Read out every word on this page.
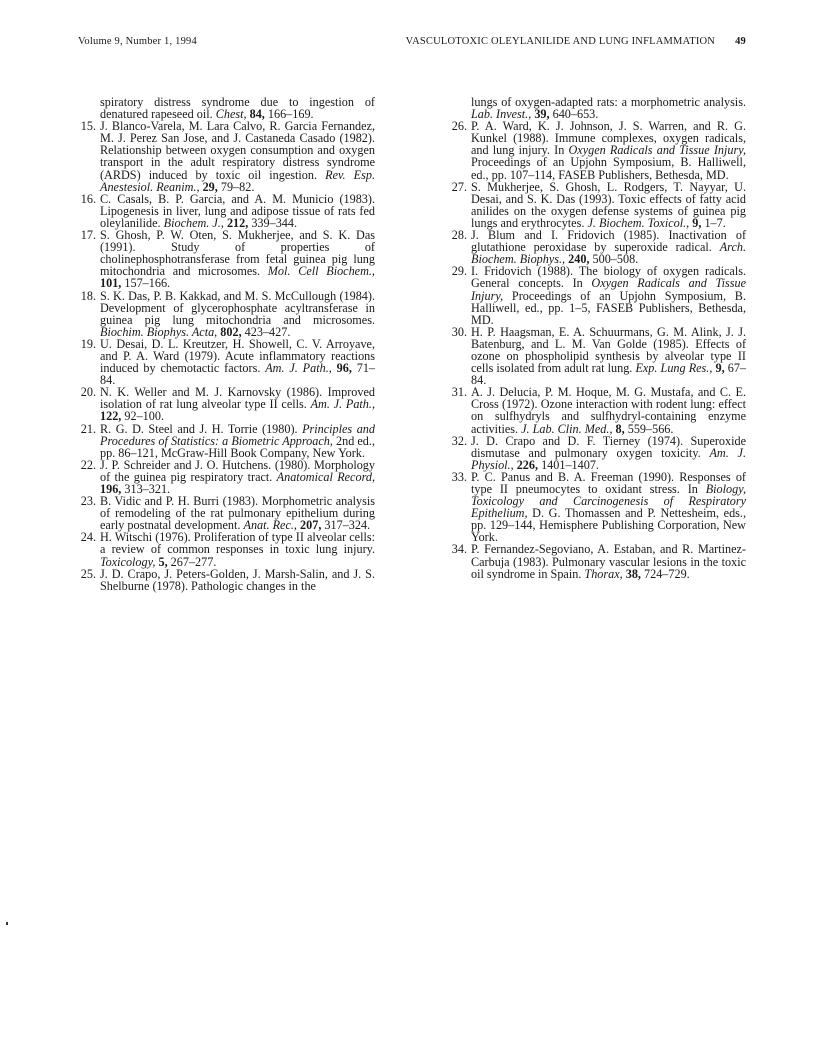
Volume 9, Number 1, 1994	VASCULOTOXIC OLEYLANILIDE AND LUNG INFLAMMATION 49

spiratory distress syndrome due to ingestion of denatured rapeseed oil. Chest, 84, 166–169.

15. J. Blanco-Varela, M. Lara Calvo, R. Garcia Fernandez, M. J. Perez San Jose, and J. Castaneda Casado (1982). Relationship between oxygen consumption and oxygen transport in the adult respiratory distress syndrome (ARDS) induced by toxic oil ingestion. Rev. Esp. Anestesiol. Reanim., 29, 79–82.

16. C. Casals, B. P. Garcia, and A. M. Municio (1983). Lipogenesis in liver, lung and adipose tissue of rats fed oleylanilide. Biochem. J., 212, 339–344.

17. S. Ghosh, P. W. Oten, S. Mukherjee, and S. K. Das (1991). Study of properties of cholinephosphotransferase from fetal guinea pig lung mitochondria and microsomes. Mol. Cell Biochem., 101, 157–166.

18. S. K. Das, P. B. Kakkad, and M. S. McCullough (1984). Development of glycerophosphate acyltransferase in guinea pig lung mitochondria and microsomes. Biochim. Biophys. Acta, 802, 423–427.

19. U. Desai, D. L. Kreutzer, H. Showell, C. V. Arroyave, and P. A. Ward (1979). Acute inflammatory reactions induced by chemotactic factors. Am. J. Path., 96, 71–84.

20. N. K. Weller and M. J. Karnovsky (1986). Improved isolation of rat lung alveolar type II cells. Am. J. Path., 122, 92–100.

21. R. G. D. Steel and J. H. Torrie (1980). Principles and Procedures of Statistics: a Biometric Approach, 2nd ed., pp. 86–121, McGraw-Hill Book Company, New York.

22. J. P. Schreider and J. O. Hutchens. (1980). Morphology of the guinea pig respiratory tract. Anatomical Record, 196, 313–321.

23. B. Vidic and P. H. Burri (1983). Morphometric analysis of remodeling of the rat pulmonary epithelium during early postnatal development. Anat. Rec., 207, 317–324.

24. H. Witschi (1976). Proliferation of type II alveolar cells: a review of common responses in toxic lung injury. Toxicology, 5, 267–277.

25. J. D. Crapo, J. Peters-Golden, J. Marsh-Salin, and J. S. Shelburne (1978). Pathologic changes in the

lungs of oxygen-adapted rats: a morphometric analysis. Lab. Invest., 39, 640–653.

26. P. A. Ward, K. J. Johnson, J. S. Warren, and R. G. Kunkel (1988). Immune complexes, oxygen radicals, and lung injury. In Oxygen Radicals and Tissue Injury, Proceedings of an Upjohn Symposium, B. Halliwell, ed., pp. 107–114, FASEB Publishers, Bethesda, MD.

27. S. Mukherjee, S. Ghosh, L. Rodgers, T. Nayyar, U. Desai, and S. K. Das (1993). Toxic effects of fatty acid anilides on the oxygen defense systems of guinea pig lungs and erythrocytes. J. Biochem. Toxicol., 9, 1–7.

28. J. Blum and I. Fridovich (1985). Inactivation of glutathione peroxidase by superoxide radical. Arch. Biochem. Biophys., 240, 500–508.

29. I. Fridovich (1988). The biology of oxygen radicals. General concepts. In Oxygen Radicals and Tissue Injury, Proceedings of an Upjohn Symposium, B. Halliwell, ed., pp. 1–5, FASEB Publishers, Bethesda, MD.

30. H. P. Haagsman, E. A. Schuurmans, G. M. Alink, J. J. Batenburg, and L. M. Van Golde (1985). Effects of ozone on phospholipid synthesis by alveolar type II cells isolated from adult rat lung. Exp. Lung Res., 9, 67–84.

31. A. J. Delucia, P. M. Hoque, M. G. Mustafa, and C. E. Cross (1972). Ozone interaction with rodent lung: effect on sulfhydryls and sulfhydryl-containing enzyme activities. J. Lab. Clin. Med., 8, 559–566.

32. J. D. Crapo and D. F. Tierney (1974). Superoxide dismutase and pulmonary oxygen toxicity. Am. J. Physiol., 226, 1401–1407.

33. P. C. Panus and B. A. Freeman (1990). Responses of type II pneumocytes to oxidant stress. In Biology, Toxicology and Carcinogenesis of Respiratory Epithelium, D. G. Thomassen and P. Nettesheim, eds., pp. 129–144, Hemisphere Publishing Corporation, New York.

34. P. Fernandez-Segoviano, A. Estaban, and R. Martinez-Carbuja (1983). Pulmonary vascular lesions in the toxic oil syndrome in Spain. Thorax, 38, 724–729.
